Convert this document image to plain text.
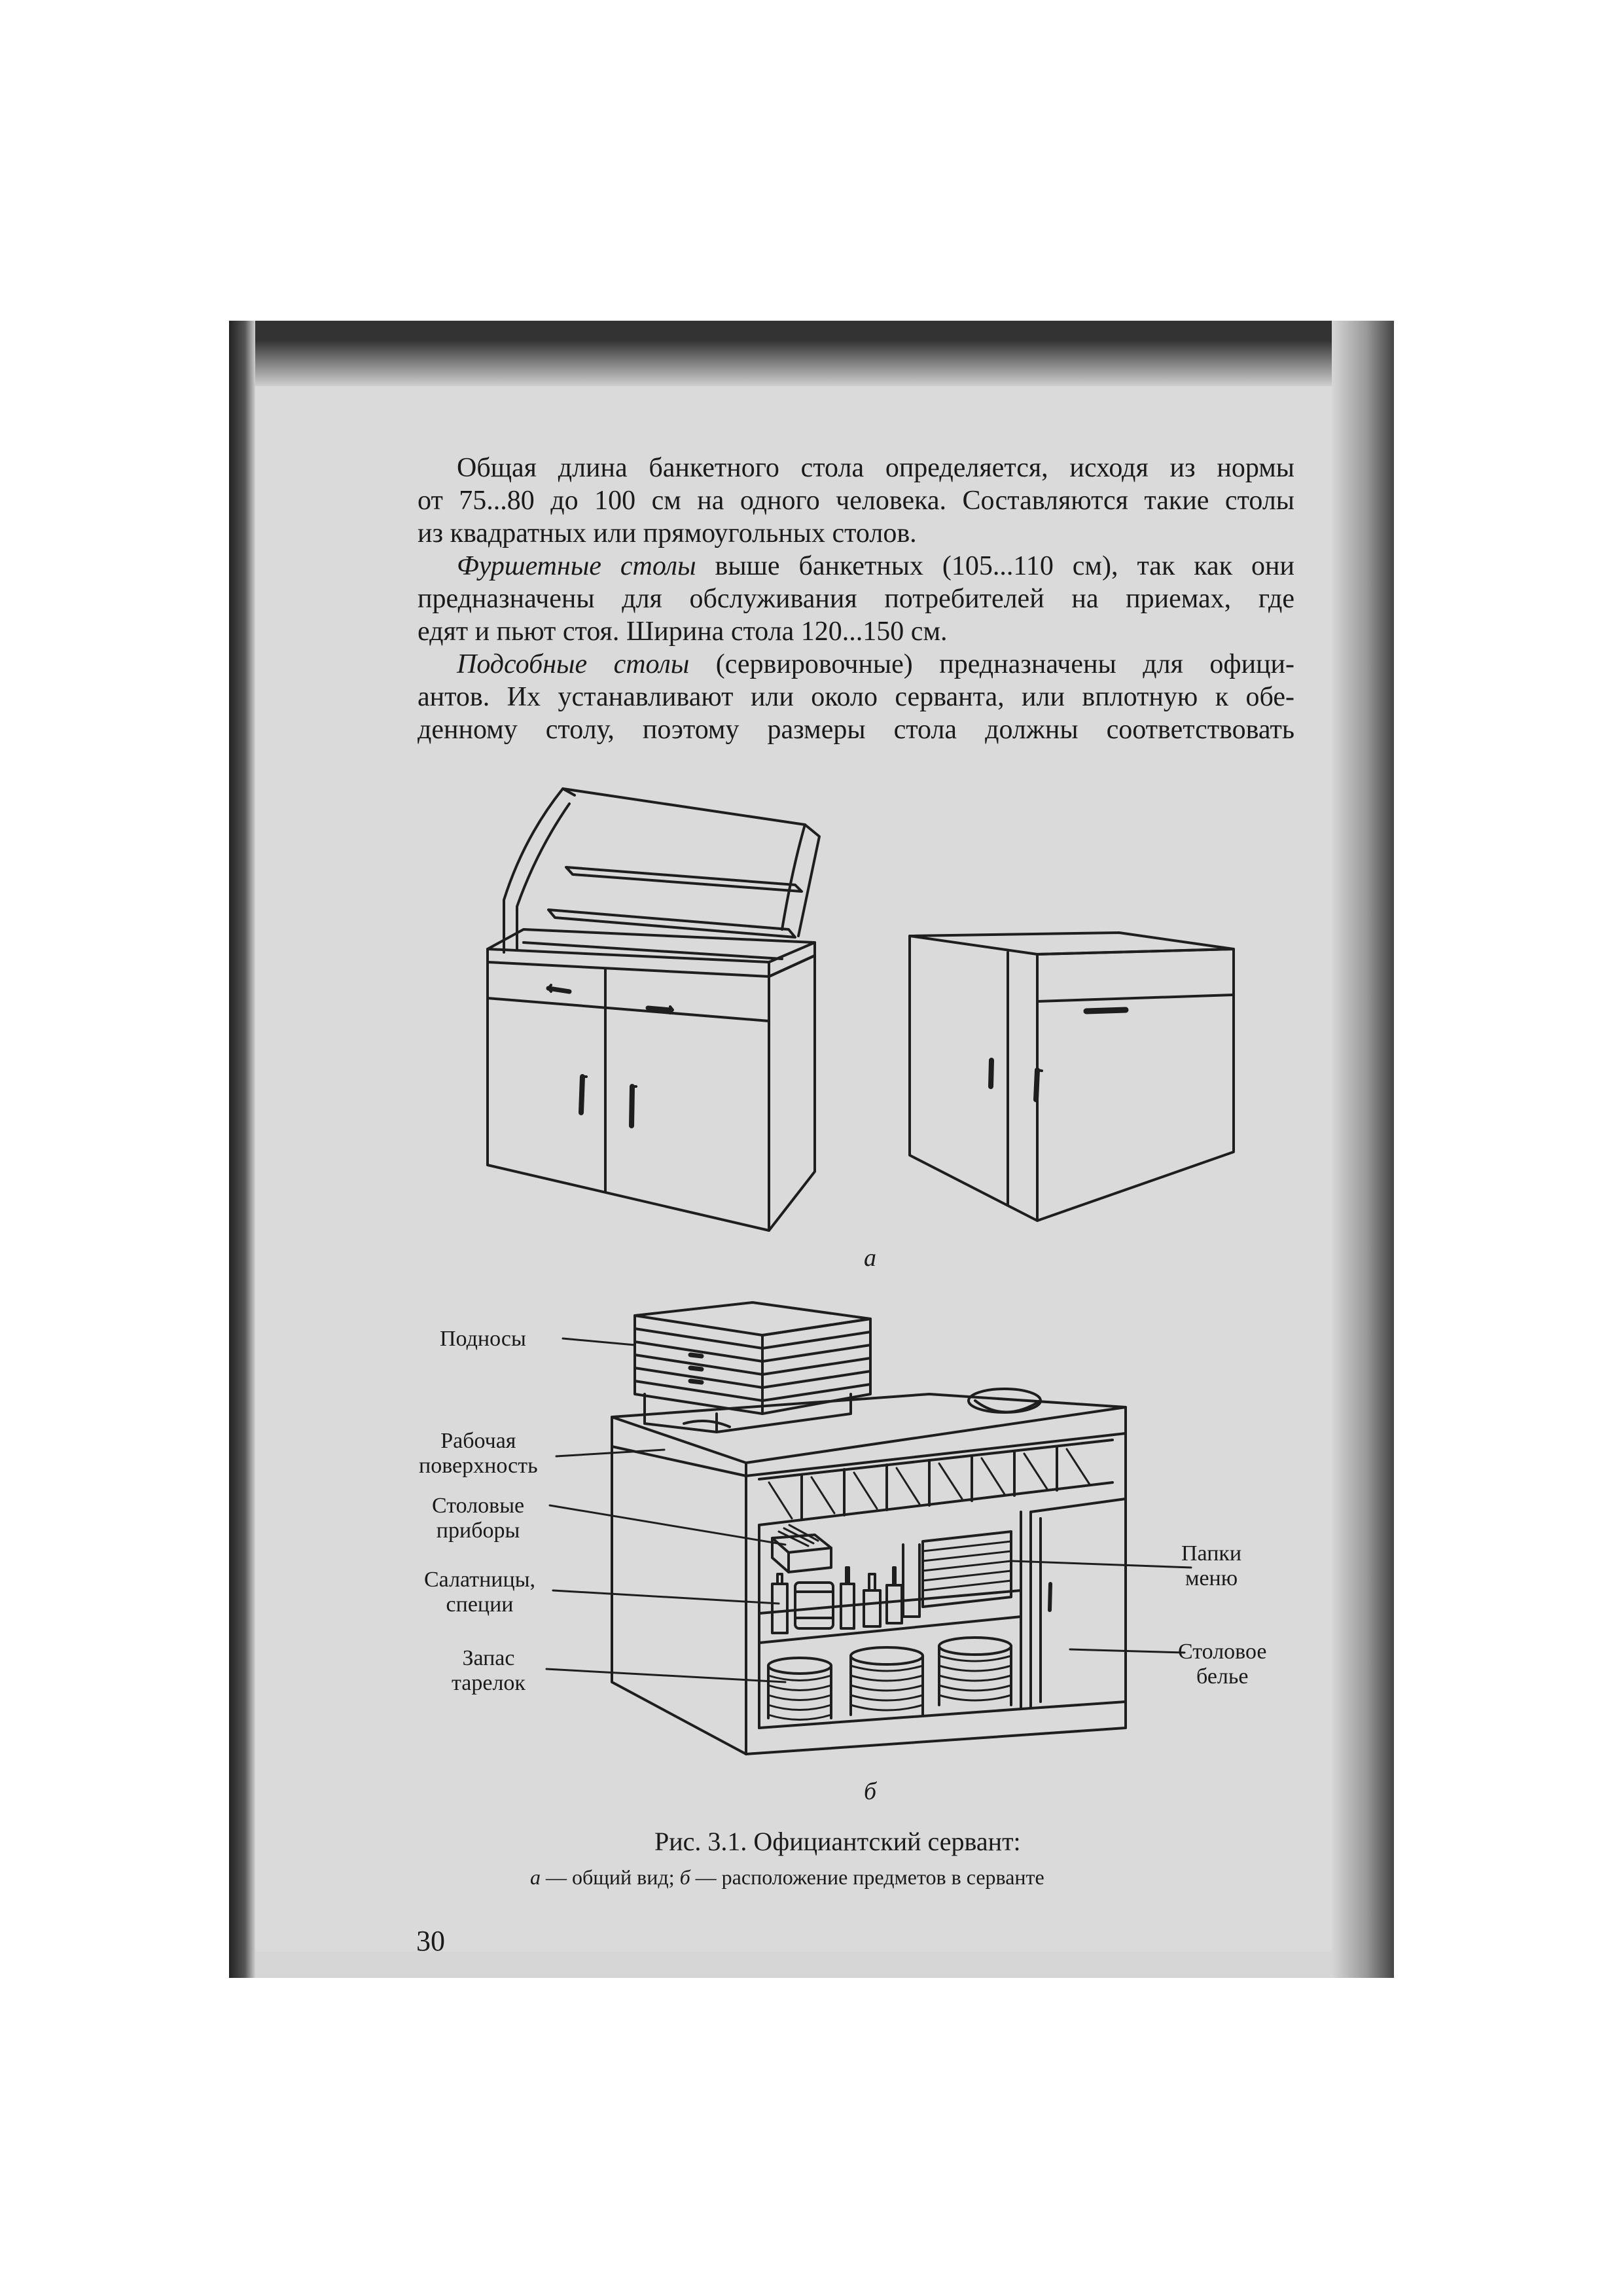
Общая длина банкетного стола определяется, исходя из нормы
от 75...80 до 100 см на одного человека. Составляются такие столы
из квадратных или прямоугольных столов.

Фуршетные столы выше банкетных (105...110 см), так как они
предназначены для обслуживания потребителей на приемах, где
едят и пьют стоя. Ширина стола 120...150 см.

Подсобные столы (сервировочные) предназначены для офици-
антов. Их устанавливают или около серванта, или вплотную к обе-
денному столу, поэтому размеры стола должны соответствовать

а
б
Подносы
Рабочая
поверхность
Столовые
приборы
Салатницы,
специи
Запас
тарелок
Папки
меню
Столовое
белье
Рис. 3.1. Официантский сервант:
а — общий вид; б — расположение предметов в серванте
30
